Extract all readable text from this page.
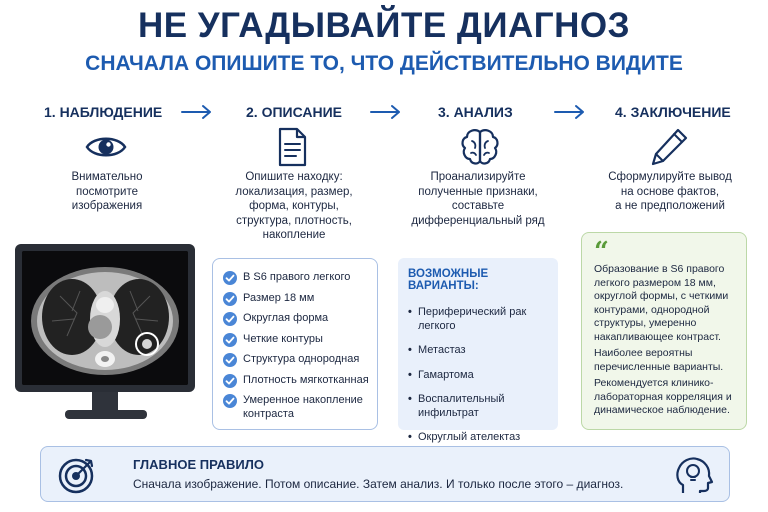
НЕ УГАДЫВАЙТЕ ДИАГНОЗ
СНАЧАЛА ОПИШИТЕ ТО, ЧТО ДЕЙСТВИТЕЛЬНО ВИДИТЕ
1. НАБЛЮДЕНИЕ	2. ОПИСАНИЕ	3. АНАЛИЗ	4. ЗАКЛЮЧЕНИЕ
Внимательно
посмотрите
изображения
Опишите находку:
локализация, размер,
форма, контуры,
структура, плотность,
накопление
Проанализируйте
полученные признаки,
составьте
дифференциальный ряд
Сформулируйте вывод
на основе фактов,
а не предположений
В S6 правого легкого
Размер 18 мм
Округлая форма
Четкие контуры
Структура однородная
Плотность мягкотканная
Умеренное накопление контраста
ВОЗМОЖНЫЕ ВАРИАНТЫ:
• Периферический рак легкого
• Метастаз
• Гамартома
• Воспалительный инфильтрат
• Округлый ателектаз
“

Образование в S6 правого легкого размером 18 мм, округлой формы, с четкими контурами, однородной структуры, умеренно накапливающее контраст.

Наиболее вероятны перечисленные варианты.

Рекомендуется клинико-лабораторная корреляция и динамическое наблюдение.

ГЛАВНОЕ ПРАВИЛО
Сначала изображение. Потом описание. Затем анализ. И только после этого – диагноз.
